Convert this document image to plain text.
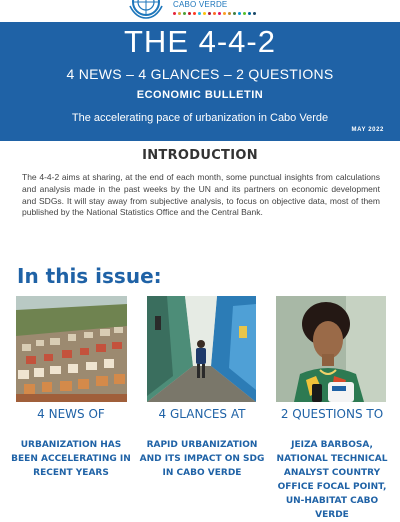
CABO VERDE
THE 4-4-2
4 NEWS – 4 GLANCES – 2 QUESTIONS
ECONOMIC BULLETIN
The accelerating pace of urbanization in Cabo Verde
MAY 2022
INTRODUCTION

The 4-4-2 aims at sharing, at the end of each month, some punctual insights from calculations and analysis made in the past weeks by the UN and its partners on economic development and SDGs. It will stay away from subjective analysis, to focus on objective data, most of them published by the National Statistics Office and the Central Bank.

In this issue:
4 NEWS OF	4 GLANCES AT	2 QUESTIONS TO
URBANIZATION HAS BEEN ACCELERATING IN RECENT YEARS
RAPID URBANIZATION AND ITS IMPACT ON SDG IN CABO VERDE
JEIZA BARBOSA, NATIONAL TECHNICAL ANALYST COUNTRY OFFICE FOCAL POINT, UN-HABITAT CABO VERDE
